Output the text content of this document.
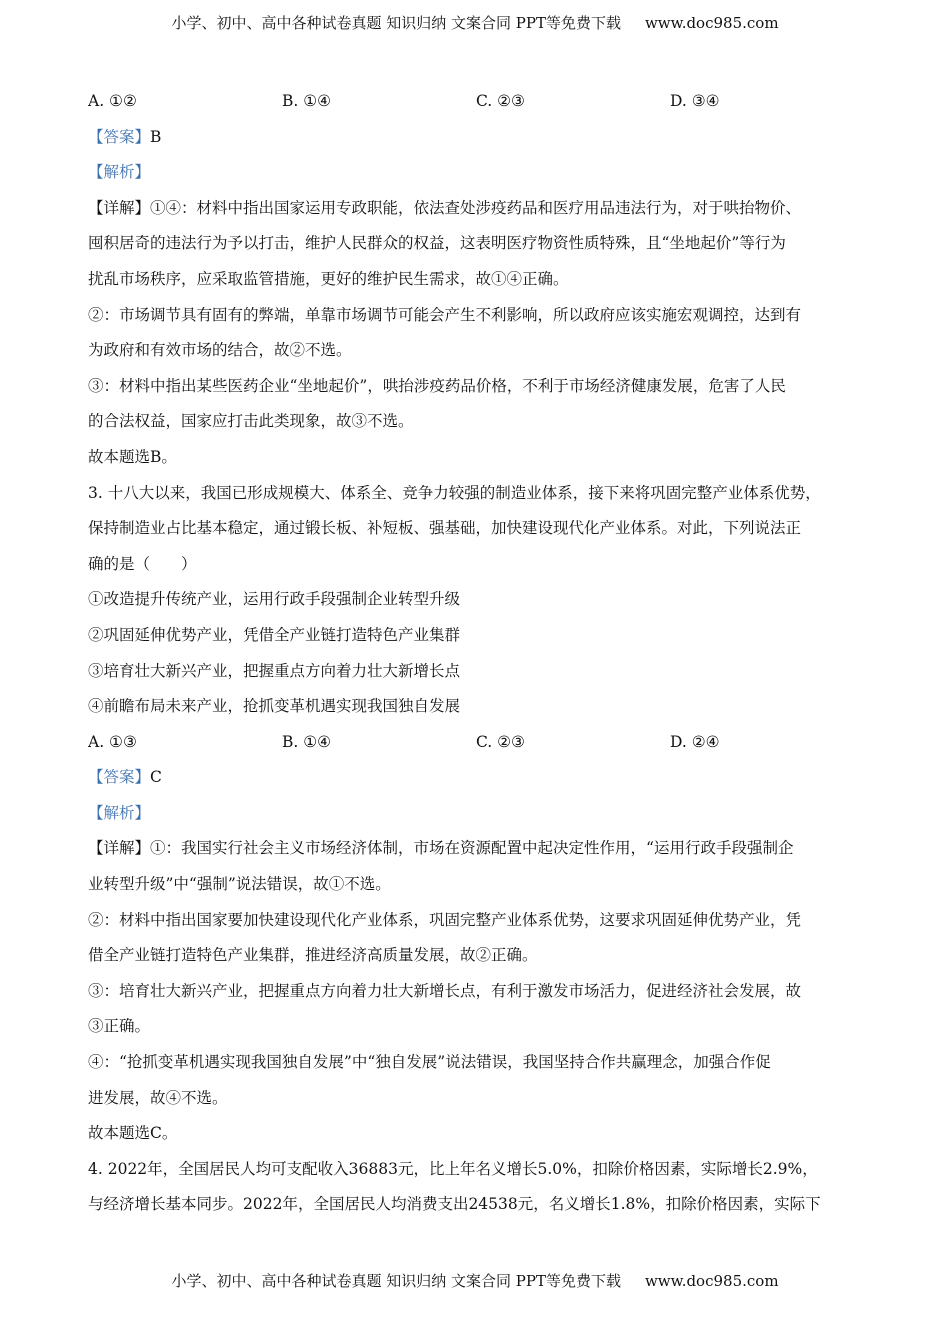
小学、初中、高中各种试卷真题 知识归纳 文案合同 PPT等免费下载 www.doc985.com
A. ①②	B. ①④	C. ②③	D. ③④
【答案】B
【解析】
【详解】①④：材料中指出国家运用专政职能，依法查处涉疫药品和医疗用品违法行为，对于哄抬物价、
囤积居奇的违法行为予以打击，维护人民群众的权益，这表明医疗物资性质特殊，且“坐地起价”等行为
扰乱市场秩序，应采取监管措施，更好的维护民生需求，故①④正确。
②：市场调节具有固有的弊端，单靠市场调节可能会产生不利影响，所以政府应该实施宏观调控，达到有
为政府和有效市场的结合，故②不选。
③：材料中指出某些医药企业“坐地起价”，哄抬涉疫药品价格，不利于市场经济健康发展，危害了人民
的合法权益，国家应打击此类现象，故③不选。
故本题选B。
3. 十八大以来，我国已形成规模大、体系全、竞争力较强的制造业体系，接下来将巩固完整产业体系优势，
保持制造业占比基本稳定，通过锻长板、补短板、强基础，加快建设现代化产业体系。对此，下列说法正
确的是（　　）
①改造提升传统产业，运用行政手段强制企业转型升级
②巩固延伸优势产业，凭借全产业链打造特色产业集群
③培育壮大新兴产业，把握重点方向着力壮大新增长点
④前瞻布局未来产业，抢抓变革机遇实现我国独自发展
A. ①③	B. ①④	C. ②③	D. ②④
【答案】C
【解析】
【详解】①：我国实行社会主义市场经济体制，市场在资源配置中起决定性作用，“运用行政手段强制企
业转型升级”中“强制”说法错误，故①不选。
②：材料中指出国家要加快建设现代化产业体系，巩固完整产业体系优势，这要求巩固延伸优势产业，凭
借全产业链打造特色产业集群，推进经济高质量发展，故②正确。
③：培育壮大新兴产业，把握重点方向着力壮大新增长点，有利于激发市场活力，促进经济社会发展，故
③正确。
④：“抢抓变革机遇实现我国独自发展”中“独自发展”说法错误，我国坚持合作共赢理念，加强合作促
进发展，故④不选。
故本题选C。
4. 2022年，全国居民人均可支配收入36883元，比上年名义增长5.0%，扣除价格因素，实际增长2.9%，
与经济增长基本同步。2022年，全国居民人均消费支出24538元，名义增长1.8%，扣除价格因素，实际下
小学、初中、高中各种试卷真题 知识归纳 文案合同 PPT等免费下载 www.doc985.com
